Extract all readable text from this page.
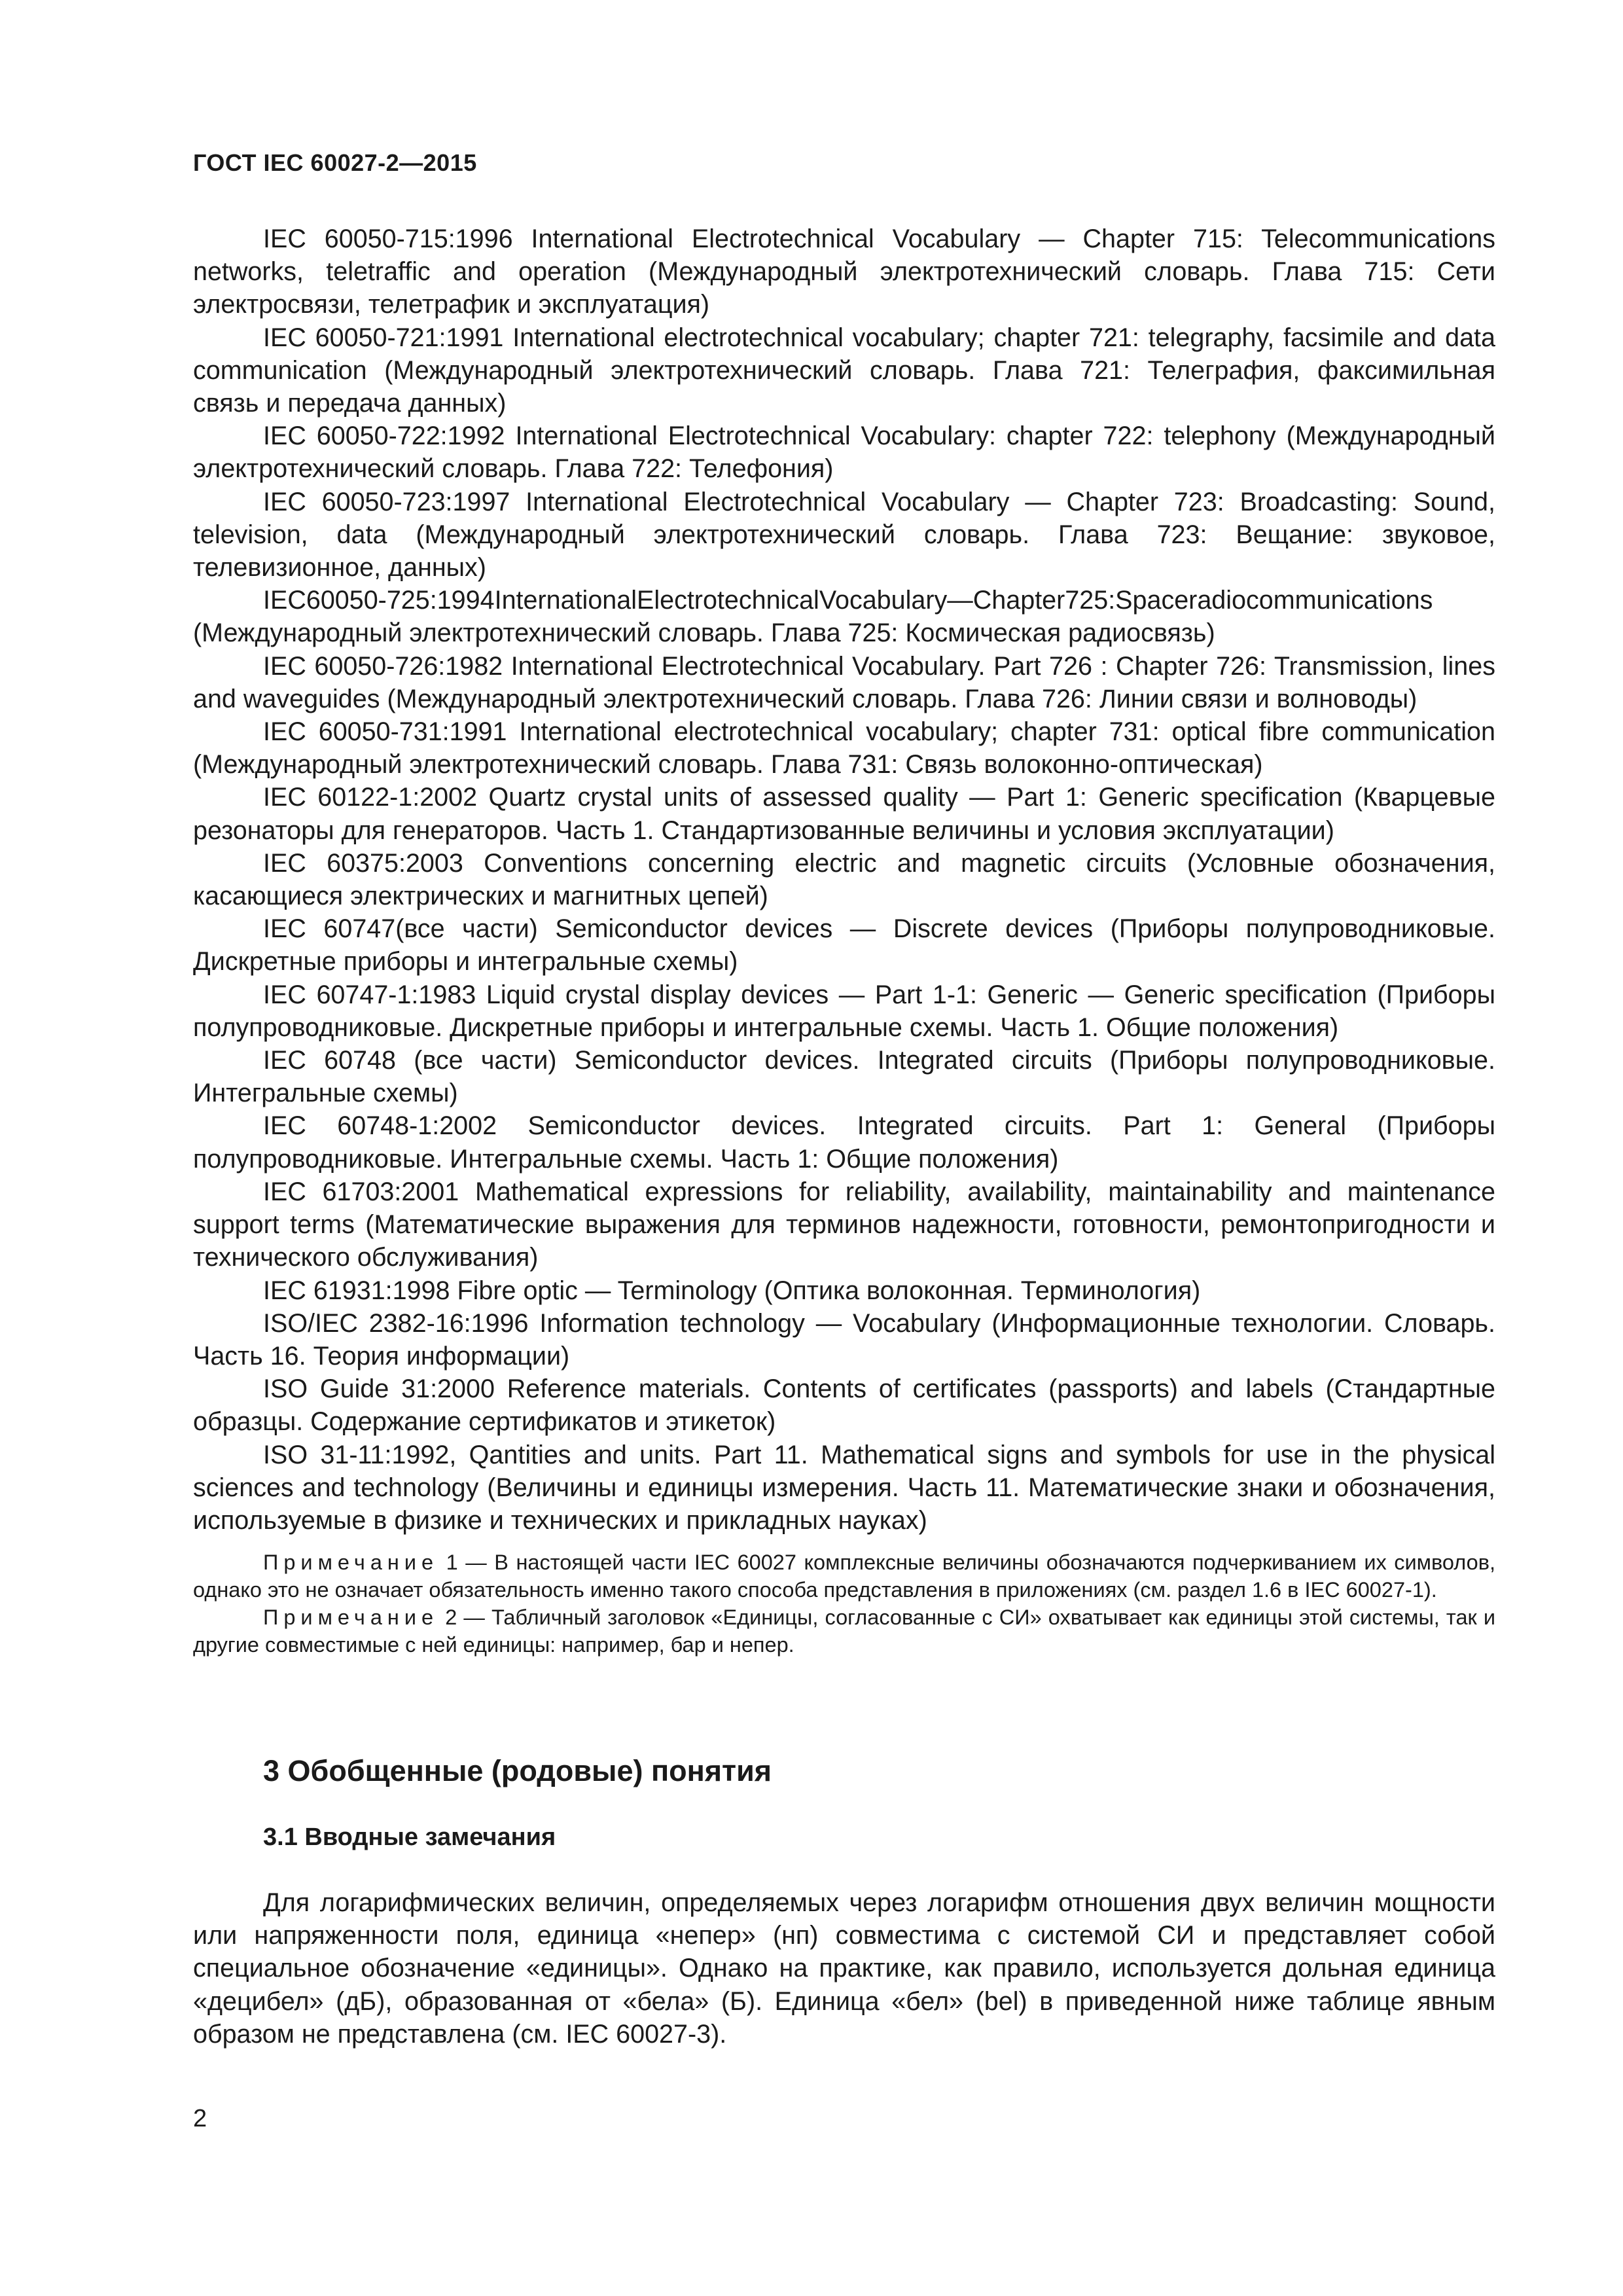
ГОСТ IEC 60027-2—2015

IEC 60050-715:1996 International Electrotechnical Vocabulary — Chapter 715: Telecommunications networks, teletraffic and operation (Международный электротехнический словарь. Глава 715: Сети электросвязи, телетрафик и эксплуатация)

IEC 60050-721:1991 International electrotechnical vocabulary; chapter 721: telegraphy, facsimile and data communication (Международный электротехнический словарь. Глава 721: Телеграфия, факсимильная связь и передача данных)

IEC 60050-722:1992 International Electrotechnical Vocabulary: chapter 722: telephony (Международный электротехнический словарь. Глава 722: Телефония)

IEC 60050-723:1997 International Electrotechnical Vocabulary — Chapter 723: Broadcasting: Sound, television, data (Международный электротехнический словарь. Глава 723: Вещание: звуковое, телевизионное, данных)

IEC60050-725:1994InternationalElectrotechnicalVocabulary—Chapter725:Spaceradiocommunications (Международный электротехнический словарь. Глава 725: Космическая радиосвязь)

IEC 60050-726:1982 International Electrotechnical Vocabulary. Part 726 : Chapter 726: Transmission, lines and waveguides (Международный электротехнический словарь. Глава 726: Линии связи и волноводы)

IEC 60050-731:1991 International electrotechnical vocabulary; chapter 731: optical fibre communication (Международный электротехнический словарь. Глава 731: Связь волоконно-оптическая)

IEC 60122-1:2002 Quartz crystal units of assessed quality — Part 1: Generic specification (Кварцевые резонаторы для генераторов. Часть 1. Стандартизованные величины и условия эксплуатации)

IEC 60375:2003 Conventions concerning electric and magnetic circuits (Условные обозначения, касающиеся электрических и магнитных цепей)

IEC 60747(все части) Semiconductor devices — Discrete devices (Приборы полупроводниковые. Дискретные приборы и интегральные схемы)

IEC 60747-1:1983 Liquid crystal display devices — Part 1-1: Generic — Generic specification (Приборы полупроводниковые. Дискретные приборы и интегральные схемы. Часть 1. Общие положения)

IEC 60748 (все части) Semiconductor devices. Integrated circuits (Приборы полупроводниковые. Интегральные схемы)

IEC 60748-1:2002 Semiconductor devices. Integrated circuits. Part 1: General (Приборы полупроводниковые. Интегральные схемы. Часть 1: Общие положения)

IEC 61703:2001 Mathematical expressions for reliability, availability, maintainability and maintenance support terms (Математические выражения для терминов надежности, готовности, ремонтопригодности и технического обслуживания)

IEC 61931:1998 Fibre optic — Terminology (Оптика волоконная. Терминология)

ISO/IEC 2382-16:1996 Information technology — Vocabulary (Информационные технологии. Словарь. Часть 16. Теория информации)

ISO Guide 31:2000 Reference materials. Contents of certificates (passports) and labels (Стандартные образцы. Содержание сертификатов и этикеток)

ISO 31-11:1992, Qantities and units. Part 11. Mathematical signs and symbols for use in the physical sciences and technology (Величины и единицы измерения. Часть 11. Математические знаки и обозначения, используемые в физике и технических и прикладных науках)

Примечание 1 — В настоящей части IEC 60027 комплексные величины обозначаются подчеркиванием их символов, однако это не означает обязательность именно такого способа представления в приложениях (см. раздел 1.6 в IEC 60027-1).

Примечание 2 — Табличный заголовок «Единицы, согласованные с СИ» охватывает как единицы этой системы, так и другие совместимые с ней единицы: например, бар и непер.

3 Обобщенные (родовые) понятия
3.1 Вводные замечания

Для логарифмических величин, определяемых через логарифм отношения двух величин мощности или напряженности поля, единица «непер» (нп) совместима с системой СИ и представляет собой специальное обозначение «единицы». Однако на практике, как правило, используется дольная единица «децибел» (дБ), образованная от «бела» (Б). Единица «бел» (bel) в приведенной ниже таблице явным образом не представлена (см. IEC 60027-3).

2
